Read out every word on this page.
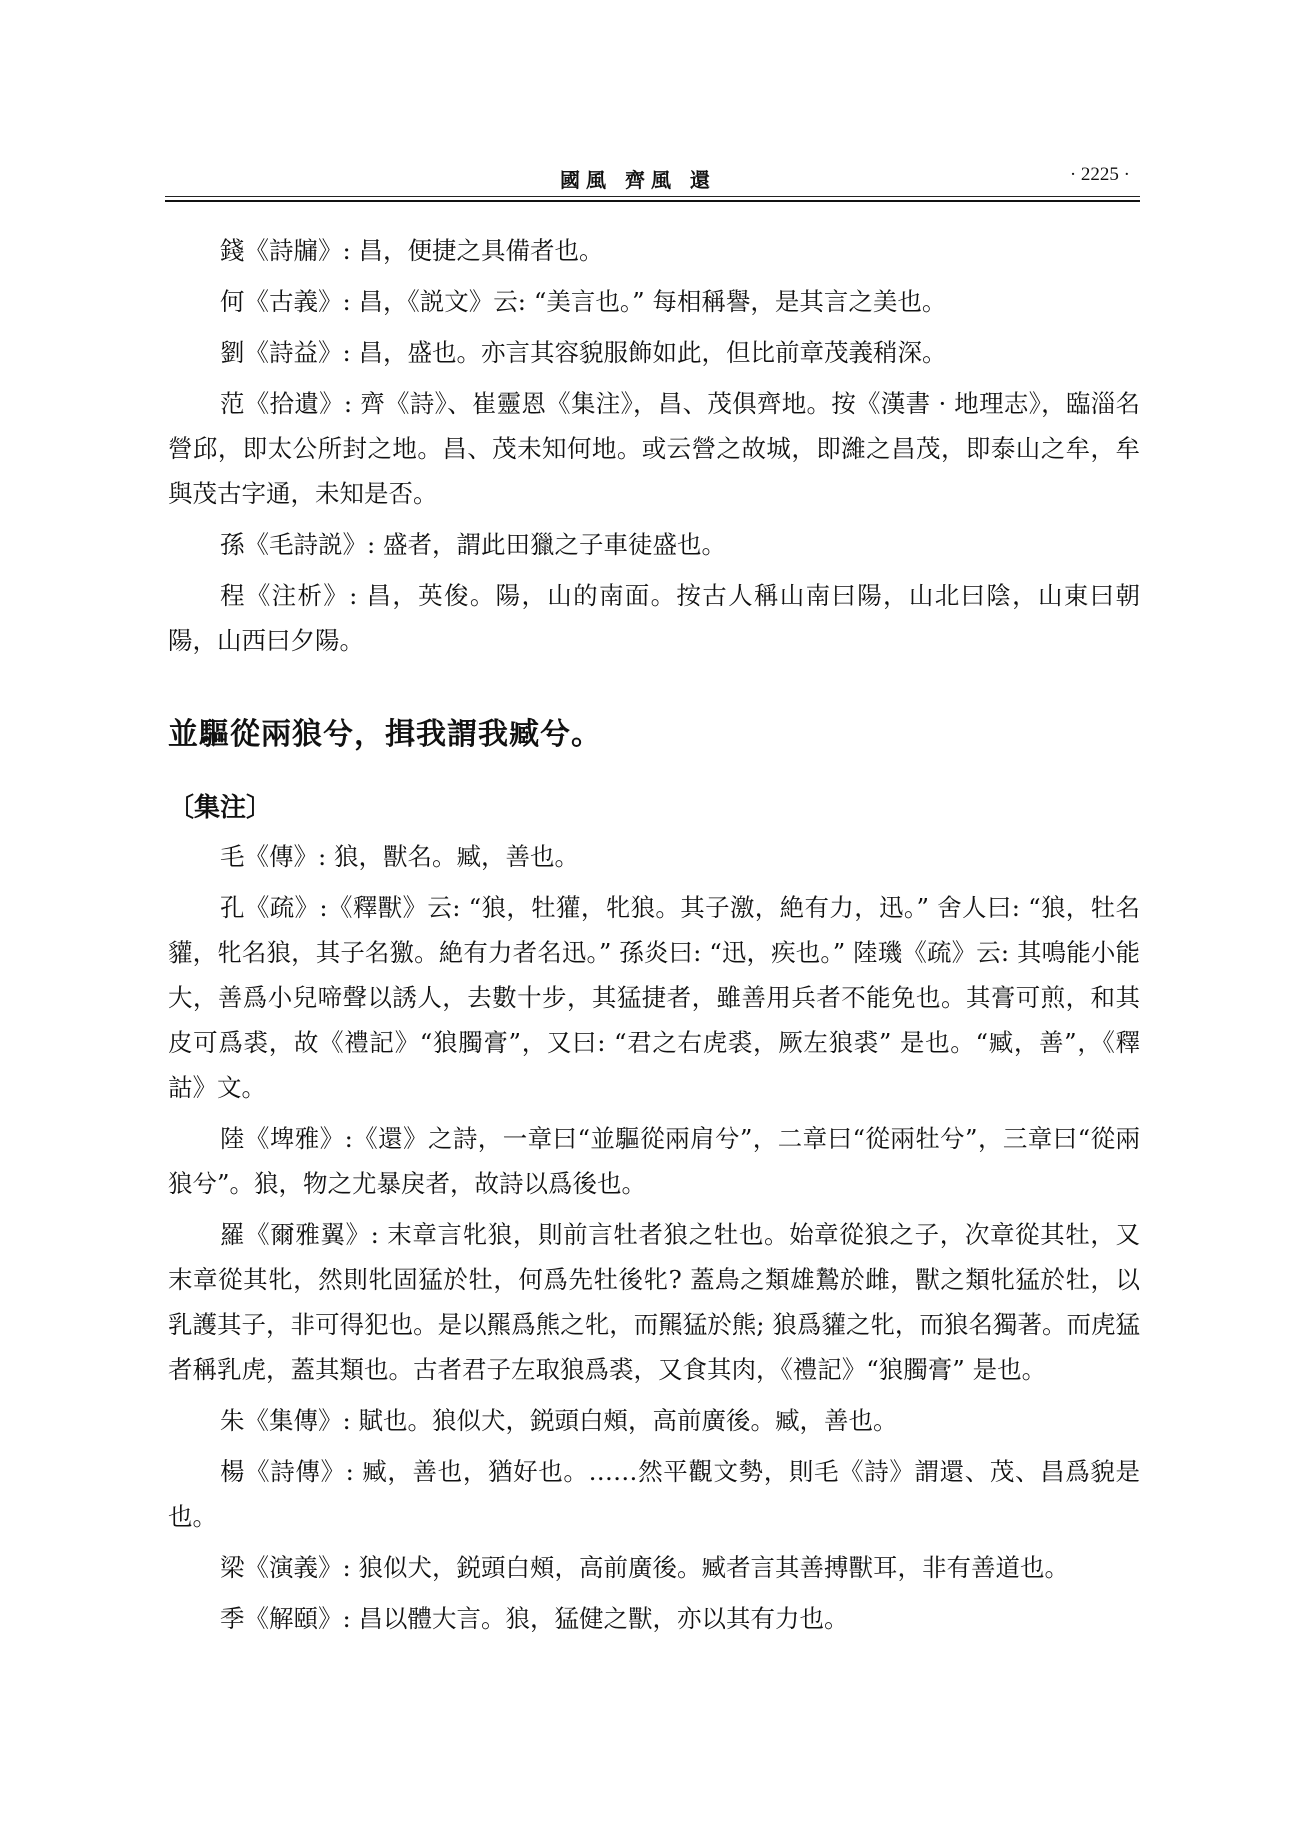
國風 齊風 還	· 2225 ·

錢《詩牖》: 昌，便捷之具備者也。

何《古義》: 昌，《説文》云: “美言也。” 每相稱譽，是其言之美也。

劉《詩益》: 昌，盛也。亦言其容貌服飾如此，但比前章茂義稍深。

范《拾遺》: 齊《詩》、崔靈恩《集注》，昌、茂俱齊地。按《漢書 · 地理志》，臨淄名營邱，即太公所封之地。昌、茂未知何地。或云營之故城，即濰之昌茂，即泰山之牟，牟與茂古字通，未知是否。

孫《毛詩説》: 盛者，謂此田獵之子車徒盛也。

程《注析》: 昌，英俊。陽，山的南面。按古人稱山南曰陽，山北曰陰，山東曰朝陽，山西曰夕陽。

並驅從兩狼兮，揖我謂我臧兮。
〔集注〕

毛《傳》: 狼，獸名。臧，善也。

孔《疏》:《釋獸》云: “狼，牡獾，牝狼。其子激，絶有力，迅。” 舍人曰: “狼，牡名貛，牝名狼，其子名獥。絶有力者名迅。” 孫炎曰: “迅，疾也。” 陸璣《疏》云: 其鳴能小能大，善爲小兒啼聲以誘人，去數十步，其猛捷者，雖善用兵者不能免也。其膏可煎，和其皮可爲裘，故《禮記》“狼臅膏”，又曰: “君之右虎裘，厥左狼裘” 是也。“臧，善”，《釋詁》文。

陸《埤雅》:《還》之詩，一章曰“並驅從兩肩兮”，二章曰“從兩牡兮”，三章曰“從兩狼兮”。狼，物之尤暴戾者，故詩以爲後也。

羅《爾雅翼》: 末章言牝狼，則前言牡者狼之牡也。始章從狼之子，次章從其牡，又末章從其牝，然則牝固猛於牡，何爲先牡後牝? 蓋鳥之類雄鷙於雌，獸之類牝猛於牡，以乳護其子，非可得犯也。是以羆爲熊之牝，而羆猛於熊; 狼爲貛之牝，而狼名獨著。而虎猛者稱乳虎，蓋其類也。古者君子左取狼爲裘，又食其肉，《禮記》“狼臅膏” 是也。

朱《集傳》: 賦也。狼似犬，鋭頭白頰，高前廣後。臧，善也。

楊《詩傳》: 臧，善也，猶好也。……然平觀文勢，則毛《詩》謂還、茂、昌爲貌是也。

梁《演義》: 狼似犬，鋭頭白頰，高前廣後。臧者言其善搏獸耳，非有善道也。

季《解頤》: 昌以體大言。狼，猛健之獸，亦以其有力也。
